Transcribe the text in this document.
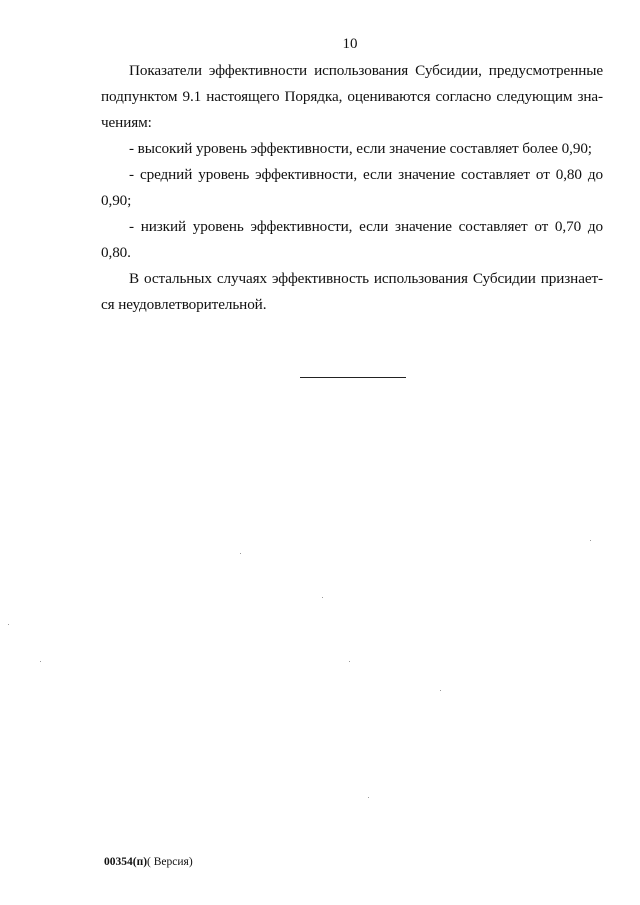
10

Показатели эффективности использования Субсидии, предусмотренные подпунктом 9.1 настоящего Порядка, оцениваются согласно следующим зна-чениям:

- высокий уровень эффективности, если значение составляет более 0,90;

- средний уровень эффективности, если значение составляет от 0,80 до 0,90;

- низкий уровень эффективности, если значение составляет от 0,70 до 0,80.

В остальных случаях эффективность использования Субсидии признает-ся неудовлетворительной.

00354(п)( Версия)
